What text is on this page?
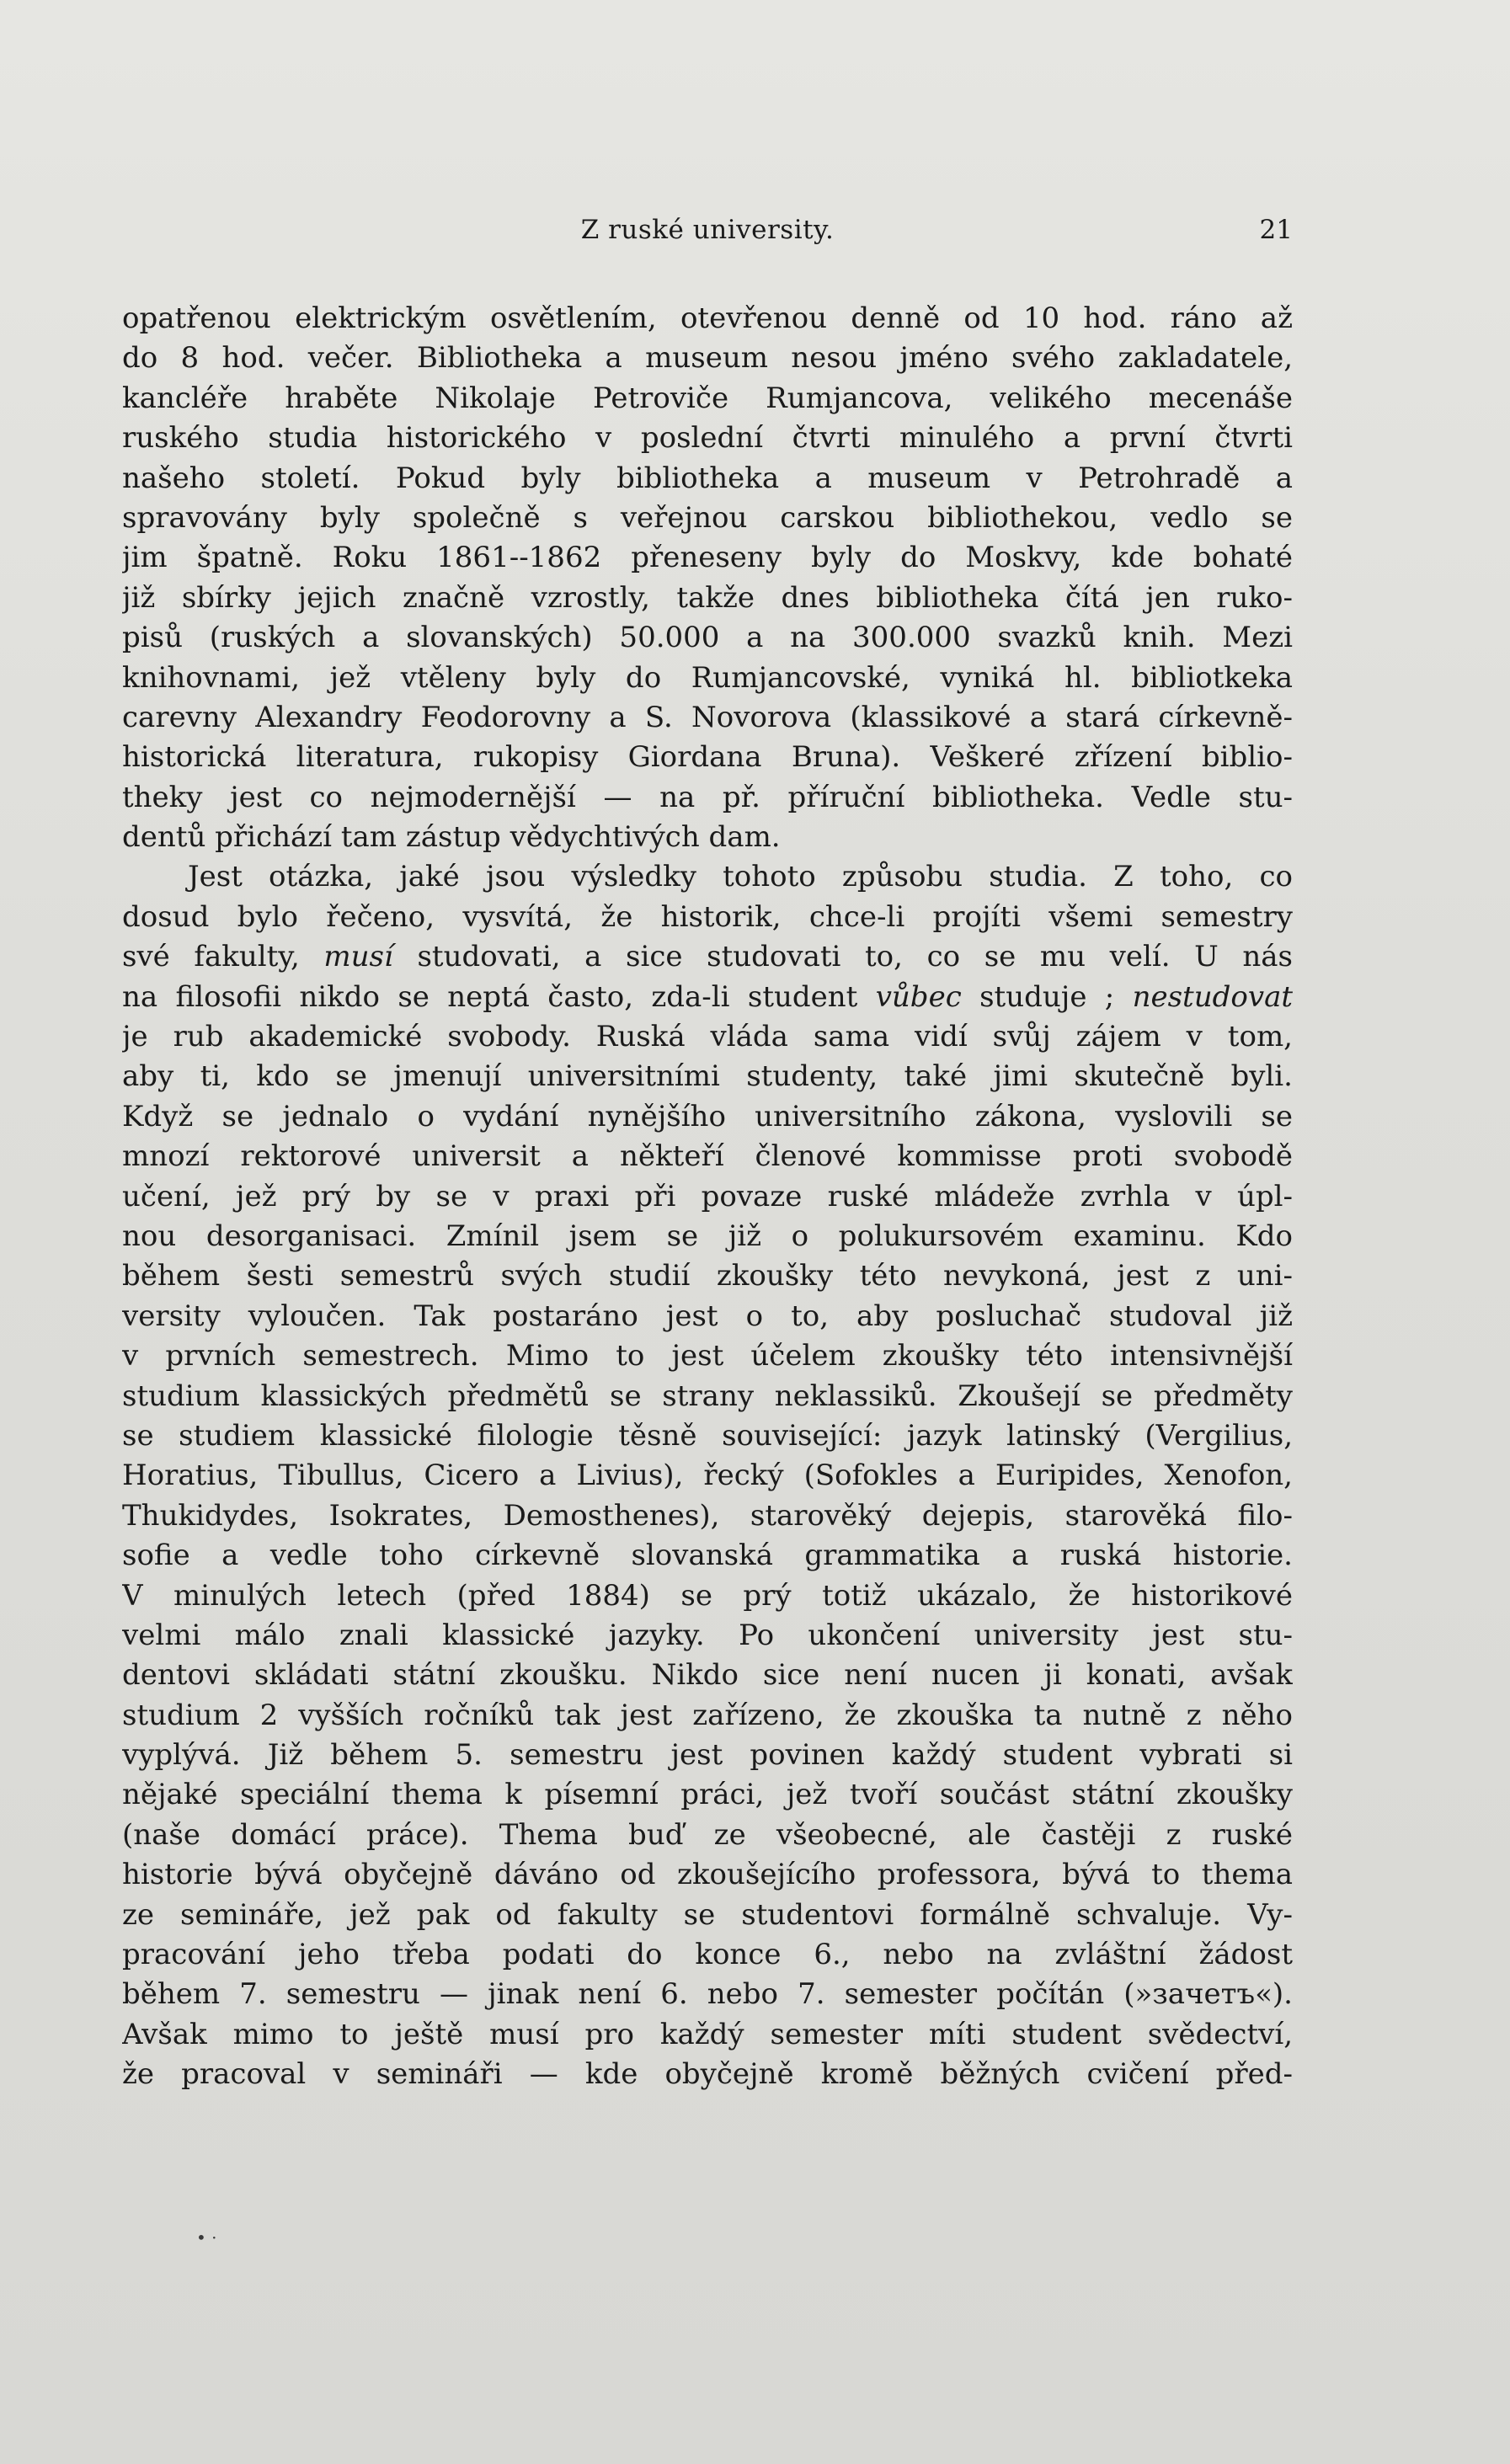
Z ruské university.	21
opatřenou elektrickým osvětlením, otevřenou denně od 10 hod. ráno až
do 8 hod. večer. Bibliotheka a museum nesou jméno svého zakladatele,
kancléře hraběte Nikolaje Petroviče Rumjancova, velikého mecenáše
ruského studia historického v poslední čtvrti minulého a první čtvrti
našeho století. Pokud byly bibliotheka a museum v Petrohradě a
spravovány byly společně s veřejnou carskou bibliothekou, vedlo se
jim špatně. Roku 1861--1862 přeneseny byly do Moskvy, kde bohaté
již sbírky jejich značně vzrostly, takže dnes bibliotheka čítá jen ruko-
pisů (ruských a slovanských) 50.000 a na 300.000 svazků knih. Mezi
knihovnami, jež vtěleny byly do Rumjancovské, vyniká hl. bibliotkeka
carevny Alexandry Feodorovny a S. Novorova (klassikové a stará církevně-
historická literatura, rukopisy Giordana Bruna). Veškeré zřízení biblio-
theky jest co nejmodernější — na př. příruční bibliotheka. Vedle stu-
dentů přichází tam zástup vědychtivých dam.
Jest otázka, jaké jsou výsledky tohoto způsobu studia. Z toho, co
dosud bylo řečeno, vysvítá, že historik, chce-li projíti všemi semestry
své fakulty, musí studovati, a sice studovati to, co se mu velí. U nás
na filosofii nikdo se neptá často, zda-li student vůbec studuje ; nestudovat
je rub akademické svobody. Ruská vláda sama vidí svůj zájem v tom,
aby ti, kdo se jmenují universitními studenty, také jimi skutečně byli.
Když se jednalo o vydání nynějšího universitního zákona, vyslovili se
mnozí rektorové universit a někteří členové kommisse proti svobodě
učení, jež prý by se v praxi při povaze ruské mládeže zvrhla v úpl-
nou desorganisaci. Zmínil jsem se již o polukursovém examinu. Kdo
během šesti semestrů svých studií zkoušky této nevykoná, jest z uni-
versity vyloučen. Tak postaráno jest o to, aby posluchač studoval již
v prvních semestrech. Mimo to jest účelem zkoušky této intensivnější
studium klassických předmětů se strany neklassiků. Zkoušejí se předměty
se studiem klassické filologie těsně související: jazyk latinský (Vergilius,
Horatius, Tibullus, Cicero a Livius), řecký (Sofokles a Euripides, Xenofon,
Thukidydes, Isokrates, Demosthenes), starověký dejepis, starověká filo-
sofie a vedle toho církevně slovanská grammatika a ruská historie.
V minulých letech (před 1884) se prý totiž ukázalo, že historikové
velmi málo znali klassické jazyky. Po ukončení university jest stu-
dentovi skládati státní zkoušku. Nikdo sice není nucen ji konati, avšak
studium 2 vyšších ročníků tak jest zařízeno, že zkouška ta nutně z něho
vyplývá. Již během 5. semestru jest povinen každý student vybrati si
nějaké speciální thema k písemní práci, jež tvoří součást státní zkoušky
(naše domácí práce). Thema buď ze všeobecné, ale častěji z ruské
historie bývá obyčejně dáváno od zkoušejícího professora, bývá to thema
ze semináře, jež pak od fakulty se studentovi formálně schvaluje. Vy-
pracování jeho třeba podati do konce 6., nebo na zvláštní žádost
během 7. semestru — jinak není 6. nebo 7. semester počítán (»зачетъ«).
Avšak mimo to ještě musí pro každý semester míti student svědectví,
že pracoval v semináři — kde obyčejně kromě běžných cvičení před-
• ·
